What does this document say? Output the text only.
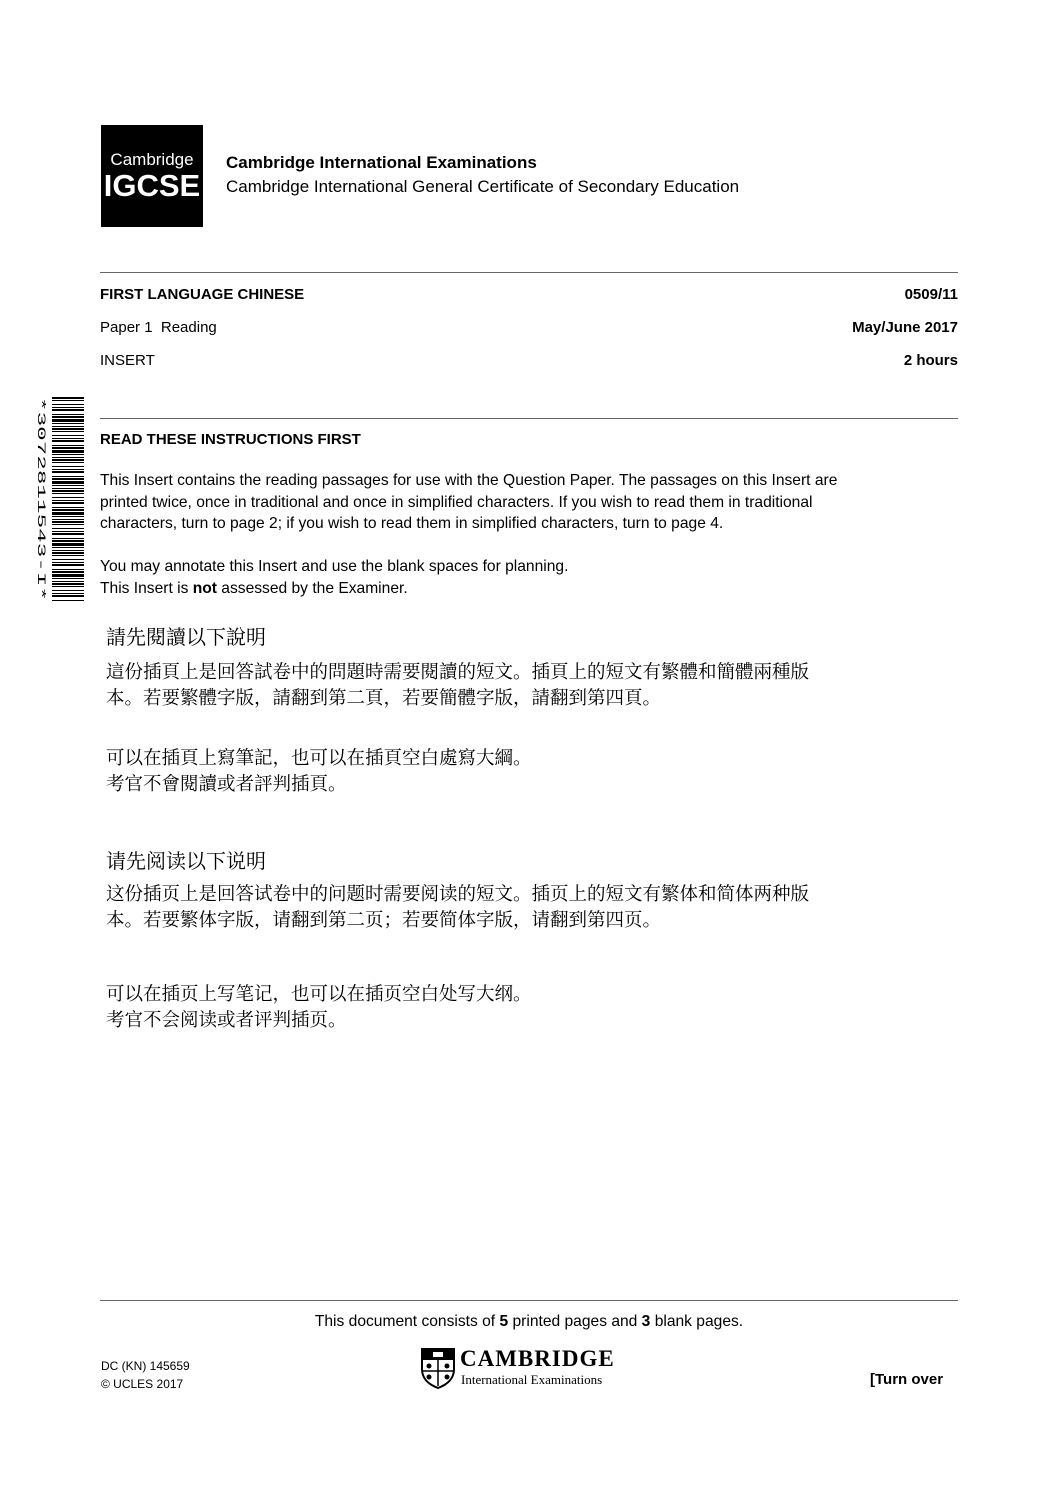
Cambridge
IGCSE
Cambridge International Examinations
Cambridge International General Certificate of Secondary Education
FIRST LANGUAGE CHINESE	0509/11
Paper 1  Reading	May/June 2017
INSERT	2 hours
*3072811543-I*	READ THESE INSTRUCTIONS FIRST
This Insert contains the reading passages for use with the Question Paper. The passages on this Insert are
printed twice, once in traditional and once in simplified characters. If you wish to read them in traditional
characters, turn to page 2; if you wish to read them in simplified characters, turn to page 4.
You may annotate this Insert and use the blank spaces for planning.
This Insert is not assessed by the Examiner.
請先閱讀以下說明
這份插頁上是回答試卷中的問題時需要閱讀的短文。插頁上的短文有繁體和簡體兩種版
本。若要繁體字版，請翻到第二頁，若要簡體字版，請翻到第四頁。
可以在插頁上寫筆記，也可以在插頁空白處寫大綱。
考官不會閱讀或者評判插頁。
请先阅读以下说明
这份插页上是回答试卷中的问题时需要阅读的短文。插页上的短文有繁体和简体两种版
本。若要繁体字版，请翻到第二页；若要简体字版，请翻到第四页。
可以在插页上写笔记，也可以在插页空白处写大纲。
考官不会阅读或者评判插页。
This document consists of 5 printed pages and 3 blank pages.
DC (KN) 145659
© UCLES 2017
CAMBRIDGE
International Examinations	[Turn over
